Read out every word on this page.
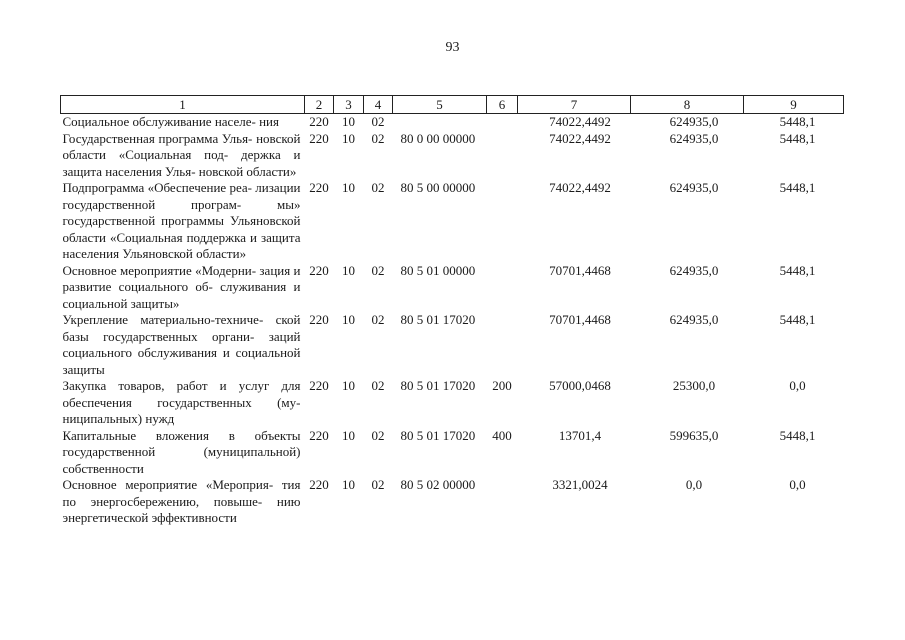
93
1	2	3	4	5	6	7	8	9
Социальное обслуживание населе- ния	220	10	02			74022,4492	624935,0	5448,1
Государственная программа Улья- новской области «Социальная под- держка и защита населения Улья- новской области»	220	10	02	80 0 00 00000		74022,4492	624935,0	5448,1
Подпрограмма «Обеспечение реа- лизации государственной програм- мы» государственной программы Ульяновской области «Социальная поддержка и защита населения Ульяновской области»	220	10	02	80 5 00 00000		74022,4492	624935,0	5448,1
Основное мероприятие «Модерни- зация и развитие социального об- служивания и социальной защиты»	220	10	02	80 5 01 00000		70701,4468	624935,0	5448,1
Укрепление материально-техниче- ской базы государственных органи- заций социального обслуживания и социальной защиты	220	10	02	80 5 01 17020		70701,4468	624935,0	5448,1
Закупка товаров, работ и услуг для обеспечения государственных (му- ниципальных) нужд	220	10	02	80 5 01 17020	200	57000,0468	25300,0	0,0
Капитальные вложения в объекты государственной (муниципальной) собственности	220	10	02	80 5 01 17020	400	13701,4	599635,0	5448,1
Основное мероприятие «Мероприя- тия по энергосбережению, повыше- нию энергетической эффективности	220	10	02	80 5 02 00000		3321,0024	0,0	0,0
